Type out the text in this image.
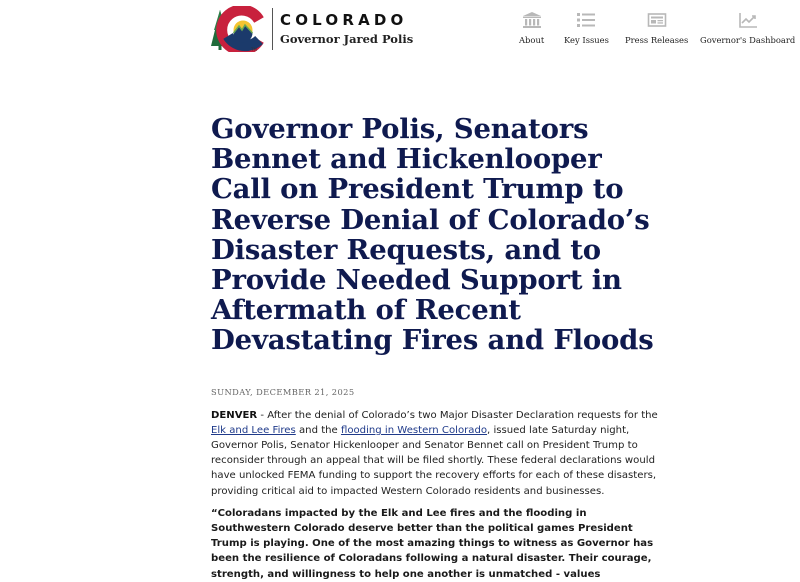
TM
COLORADO
Governor Jared Polis	About Key Issues Press Releases Governor's Dashboard
Governor Polis, Senators Bennet and Hickenlooper Call on President Trump to Reverse Denial of Colorado’s Disaster Requests, and to Provide Needed Support in Aftermath of Recent Devastating Fires and Floods
SUNDAY, DECEMBER 21, 2025

DENVER - After the denial of Colorado’s two Major Disaster Declaration requests for the Elk and Lee Fires and the flooding in Western Colorado, issued late Saturday night, Governor Polis, Senator Hickenlooper and Senator Bennet call on President Trump to reconsider through an appeal that will be filed shortly. These federal declarations would have unlocked FEMA funding to support the recovery efforts for each of these disasters, providing critical aid to impacted Western Colorado residents and businesses.

“Coloradans impacted by the Elk and Lee fires and the flooding in Southwestern Colorado deserve better than the political games President Trump is playing. One of the most amazing things to witness as Governor has been the resilience of Coloradans following a natural disaster. Their courage, strength, and willingness to help one another is unmatched - values
